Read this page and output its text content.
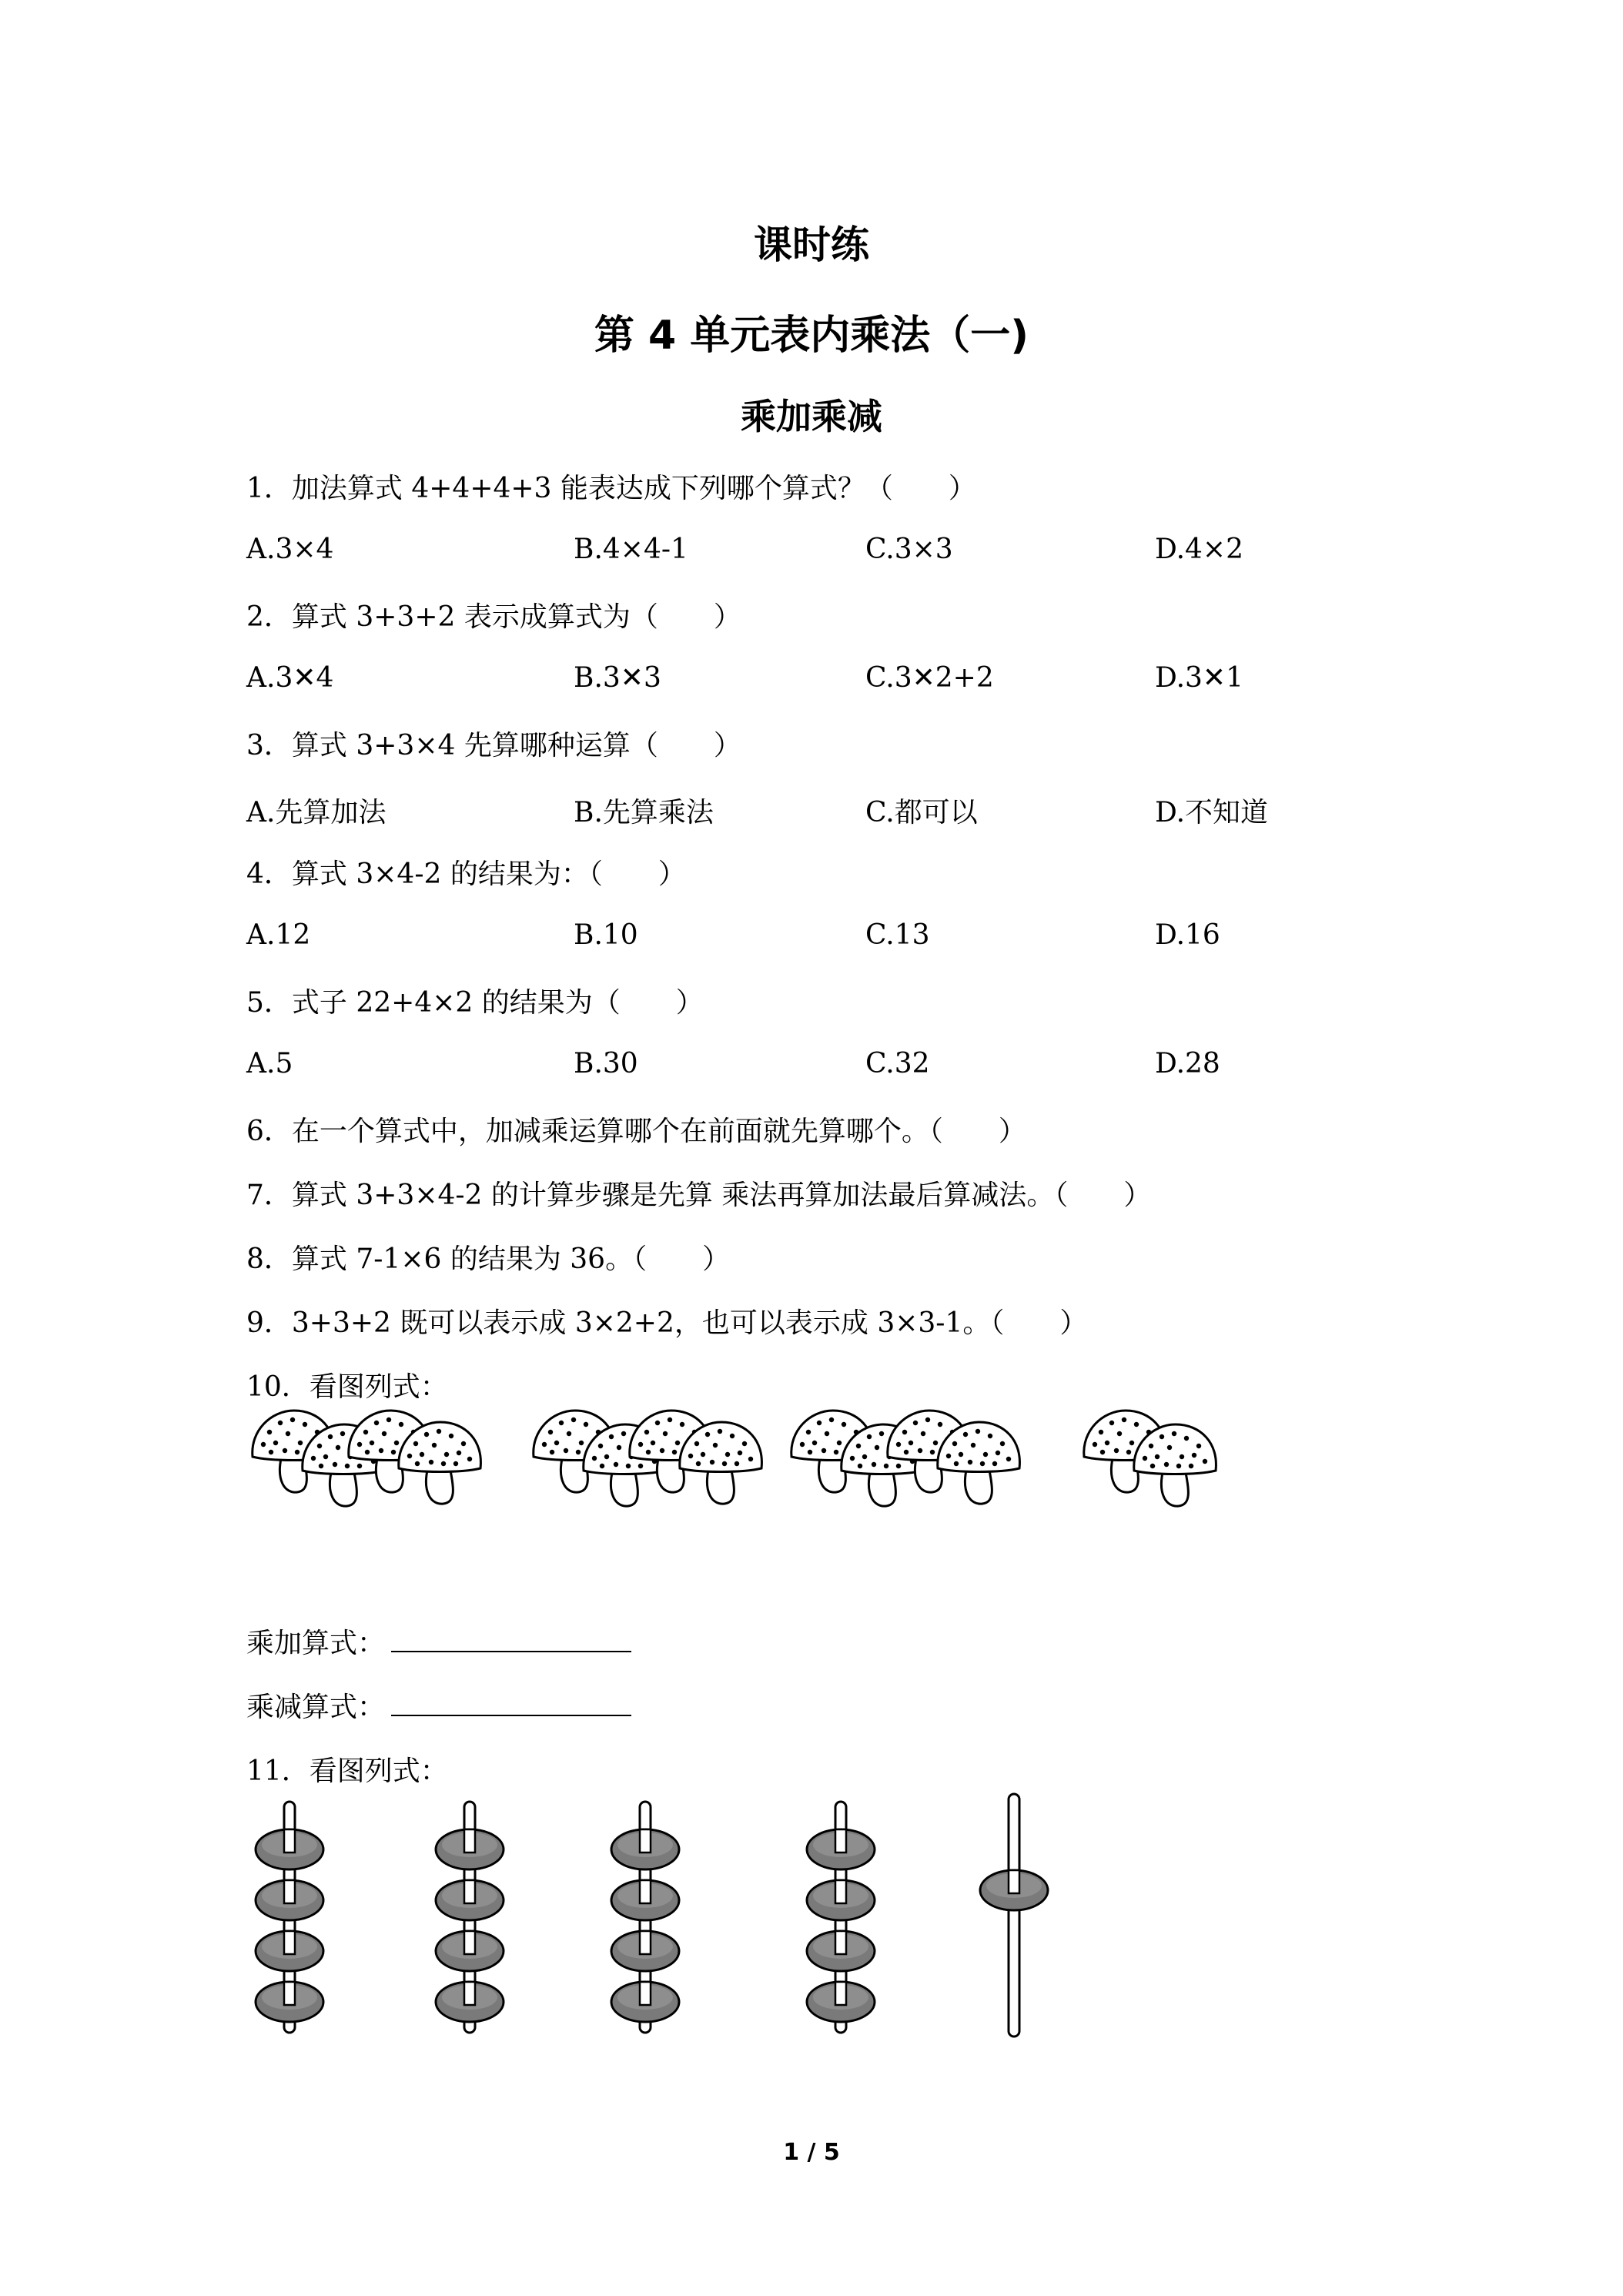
课时练
第 4 单元表内乘法（一)
乘加乘减
1．加法算式 4+4+4+3 能表达成下列哪个算式？（　　）
A.3×4	B.4×4-1	C.3×3	D.4×2
2．算式 3+3+2 表示成算式为（　　）
A.3✕4	B.3✕3	C.3✕2+2	D.3✕1
3．算式 3+3×4 先算哪种运算（　　）
A.先算加法	B.先算乘法	C.都可以	D.不知道
4．算式 3×4-2 的结果为：（　　）
A.12	B.10	C.13	D.16
5．式子 22+4×2 的结果为（　　）
A.5	B.30	C.32	D.28
6．在一个算式中，加减乘运算哪个在前面就先算哪个。（　　）
7．算式 3+3×4-2 的计算步骤是先算 乘法再算加法最后算减法。（　　）
8．算式 7-1×6 的结果为 36。（　　）
9．3+3+2 既可以表示成 3×2+2，也可以表示成 3×3-1。（　　）
10．看图列式：
乘加算式：
乘减算式：
11．看图列式：
1 / 5
